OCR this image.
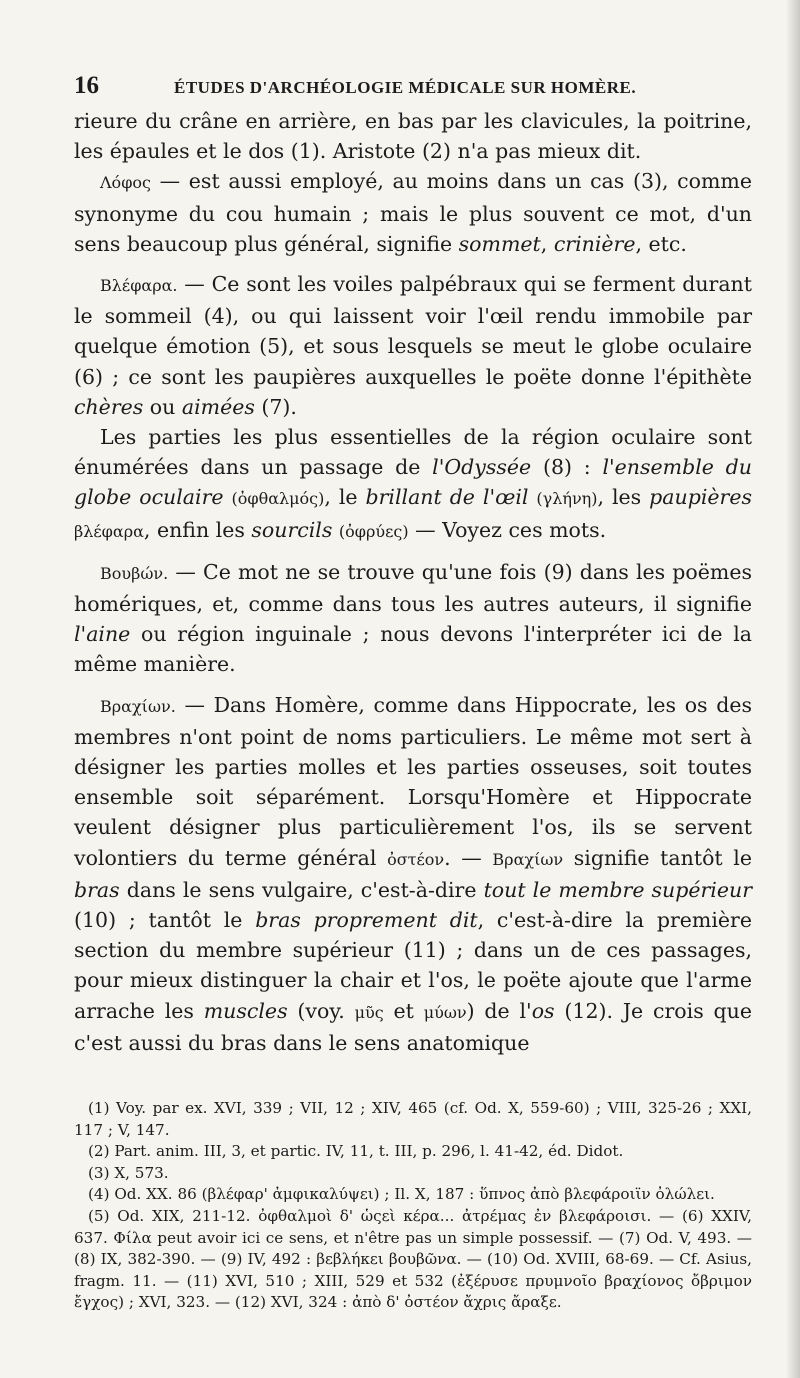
16	ÉTUDES D'ARCHÉOLOGIE MÉDICALE SUR HOMÈRE.

rieure du crâne en arrière, en bas par les clavicules, la poitrine, les épaules et le dos (1). Aristote (2) n'a pas mieux dit.

Λόφος — est aussi employé, au moins dans un cas (3), comme synonyme du cou humain ; mais le plus souvent ce mot, d'un sens beaucoup plus général, signifie sommet, crinière, etc.

Βλέφαρα. — Ce sont les voiles palpébraux qui se ferment durant le sommeil (4), ou qui laissent voir l'œil rendu immobile par quelque émotion (5), et sous lesquels se meut le globe oculaire (6) ; ce sont les paupières auxquelles le poëte donne l'épithète chères ou aimées (7).

Les parties les plus essentielles de la région oculaire sont énumérées dans un passage de l'Odyssée (8) : l'ensemble du globe oculaire (ὀφθαλμός), le brillant de l'œil (γλήνη), les paupières βλέφαρα, enfin les sourcils (ὀφρύες) — Voyez ces mots.

Βουβών. — Ce mot ne se trouve qu'une fois (9) dans les poëmes homériques, et, comme dans tous les autres auteurs, il signifie l'aine ou région inguinale ; nous devons l'interpréter ici de la même manière.

Βραχίων. — Dans Homère, comme dans Hippocrate, les os des membres n'ont point de noms particuliers. Le même mot sert à désigner les parties molles et les parties osseuses, soit toutes ensemble soit séparément. Lorsqu'Homère et Hippocrate veulent désigner plus particulièrement l'os, ils se servent volontiers du terme général ὀστέον. — Βραχίων signifie tantôt le bras dans le sens vulgaire, c'est-à-dire tout le membre supérieur (10) ; tantôt le bras proprement dit, c'est-à-dire la première section du membre supérieur (11) ; dans un de ces passages, pour mieux distinguer la chair et l'os, le poëte ajoute que l'arme arrache les muscles (voy. μῦς et μύων) de l'os (12). Je crois que c'est aussi du bras dans le sens anatomique

(1) Voy. par ex. XVI, 339 ; VII, 12 ; XIV, 465 (cf. Od. X, 559-60) ; VIII, 325-26 ; XXI, 117 ; V, 147.

(2) Part. anim. III, 3, et partic. IV, 11, t. III, p. 296, l. 41-42, éd. Didot.

(3) X, 573.

(4) Od. XX. 86 (βλέφαρ' ἀμφικαλύψει) ; Il. X, 187 : ὕπνος ἀπὸ βλεφάροιϊν ὀλώλει.

(5) Od. XIX, 211-12. ὀφθαλμοὶ δ' ὡςεὶ κέρα... ἀτρέμας ἐν βλεφάροισι. — (6) XXIV, 637. Φίλα peut avoir ici ce sens, et n'être pas un simple possessif. — (7) Od. V, 493. — (8) IX, 382-390. — (9) IV, 492 : βεβλήκει βουβῶνα. — (10) Od. XVIII, 68-69. — Cf. Asius, fragm. 11. — (11) XVI, 510 ; XIII, 529 et 532 (ἐξέρυσε πρυμνοῖο βραχίονος ὄβριμον ἔγχος) ; XVI, 323. — (12) XVI, 324 : ἀπὸ δ' ὀστέον ἄχρις ἄραξε.
